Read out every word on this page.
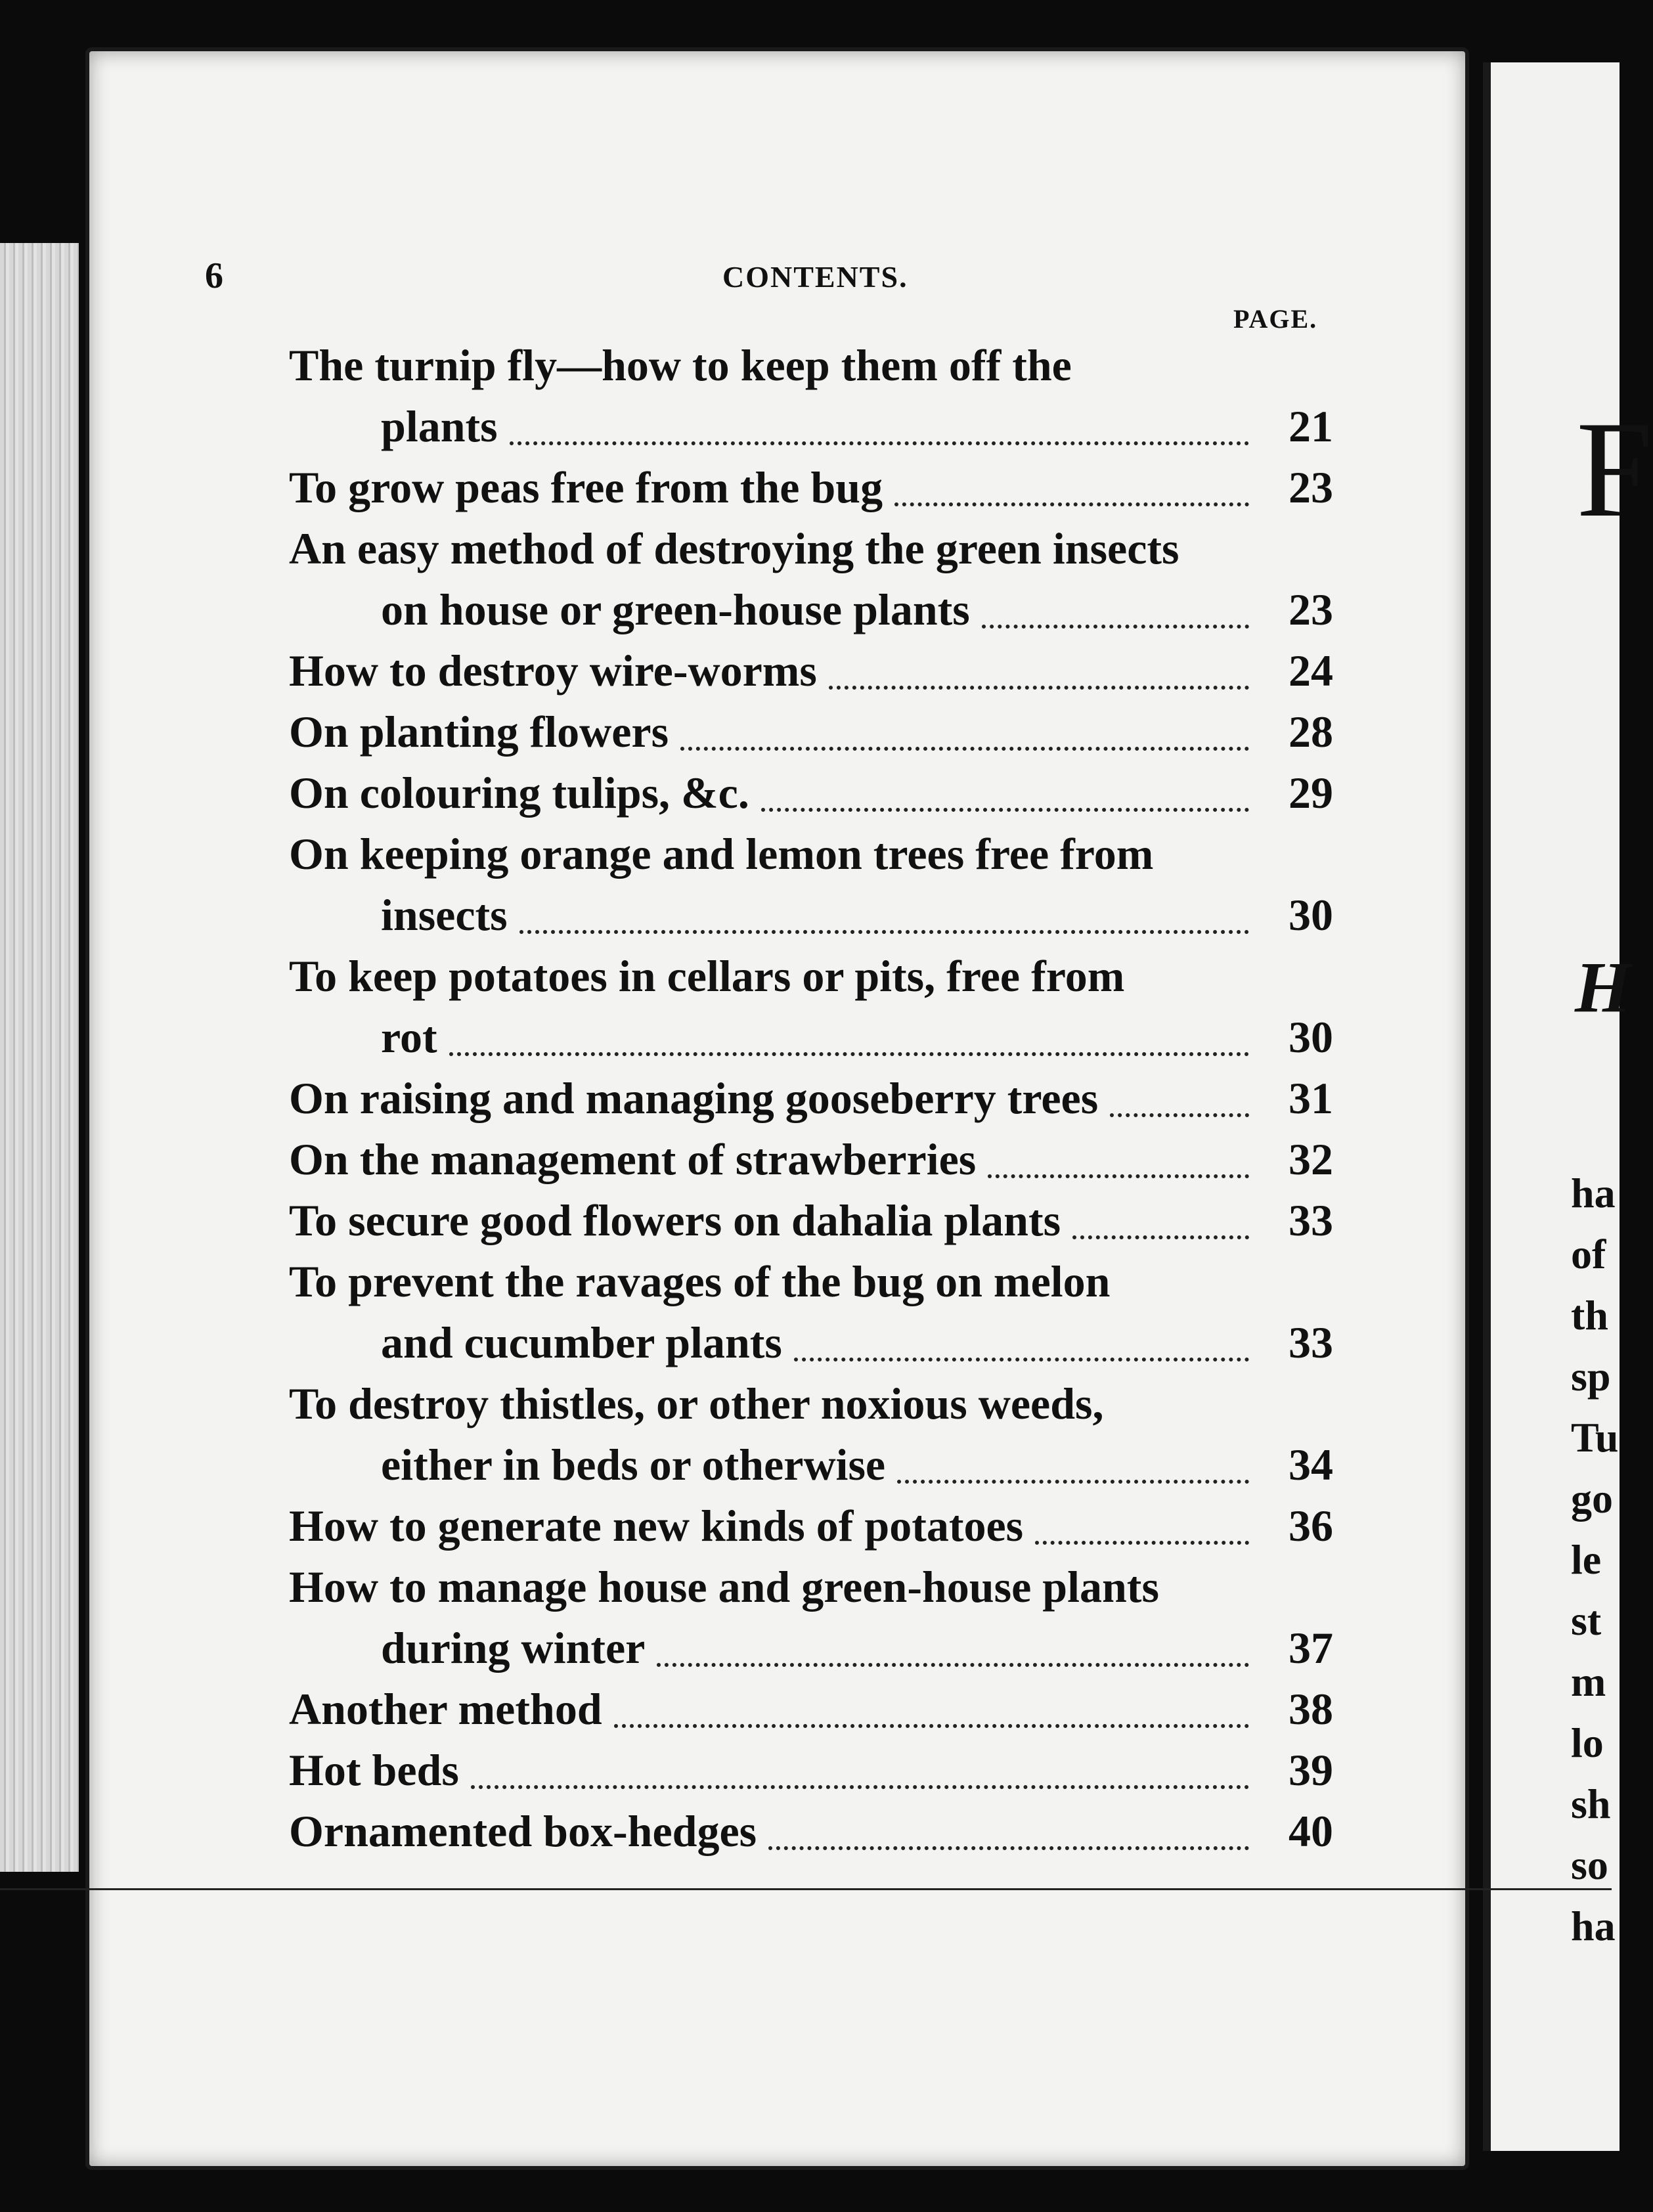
6	CONTENTS.
PAGE.
The turnip fly—how to keep them off the
plants	21
To grow peas free from the bug	23
An easy method of destroying the green insects
on house or green-house plants	23
How to destroy wire-worms	24
On planting flowers	28
On colouring tulips, &c.	29
On keeping orange and lemon trees free from
insects	30
To keep potatoes in cellars or pits, free from
rot	30
On raising and managing gooseberry trees	31
On the management of strawberries	32
To secure good flowers on dahalia plants	33
To prevent the ravages of the bug on melon
and cucumber plants	33
To destroy thistles, or other noxious weeds,
either in beds or otherwise	34
How to generate new kinds of potatoes	36
How to manage house and green-house plants
during winter	37
Another method	38
Hot beds	39
Ornamented box-hedges	40
F
H
ha
of
th
sp
Tu
go
le
st
m
lo
sh
so
ha
